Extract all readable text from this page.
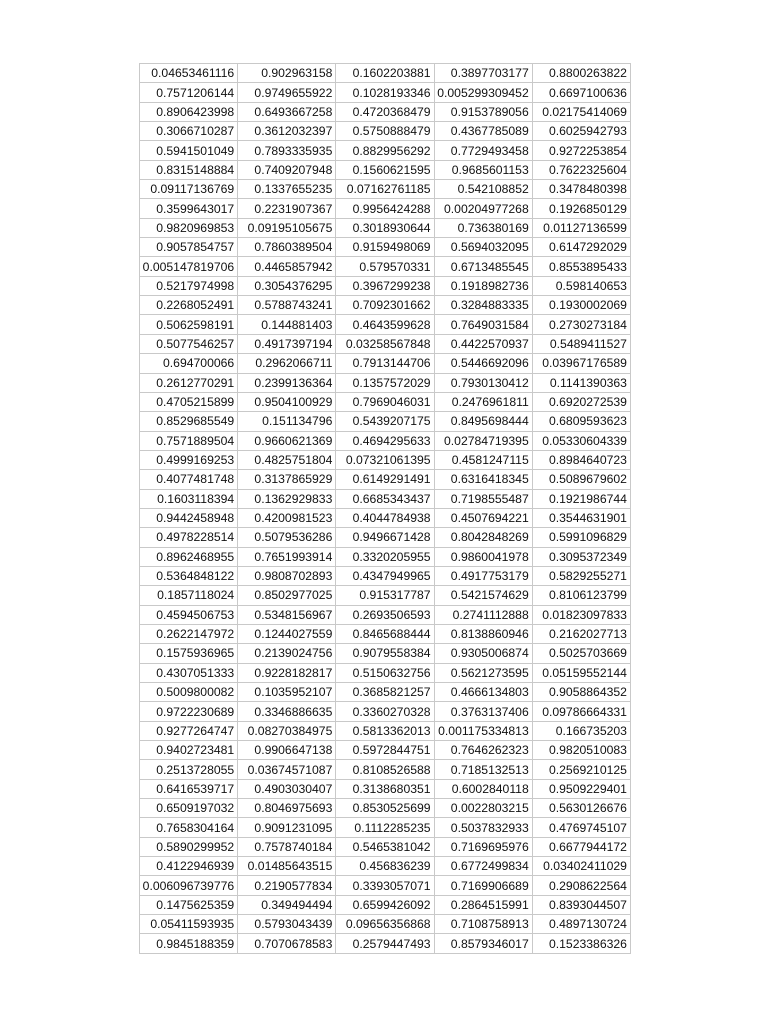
0.04653461116	0.902963158	0.1602203881	0.3897703177	0.8800263822
0.7571206144	0.9749655922	0.1028193346	0.005299309452	0.6697100636
0.8906423998	0.6493667258	0.4720368479	0.9153789056	0.02175414069
0.3066710287	0.3612032397	0.5750888479	0.4367785089	0.6025942793
0.5941501049	0.7893335935	0.8829956292	0.7729493458	0.9272253854
0.8315148884	0.7409207948	0.1560621595	0.9685601153	0.7622325604
0.09117136769	0.1337655235	0.07162761185	0.542108852	0.3478480398
0.3599643017	0.2231907367	0.9956424288	0.00204977268	0.1926850129
0.9820969853	0.09195105675	0.3018930644	0.736380169	0.01127136599
0.9057854757	0.7860389504	0.9159498069	0.5694032095	0.6147292029
0.005147819706	0.4465857942	0.579570331	0.6713485545	0.8553895433
0.5217974998	0.3054376295	0.3967299238	0.1918982736	0.598140653
0.2268052491	0.5788743241	0.7092301662	0.3284883335	0.1930002069
0.5062598191	0.144881403	0.4643599628	0.7649031584	0.2730273184
0.5077546257	0.4917397194	0.03258567848	0.4422570937	0.5489411527
0.694700066	0.2962066711	0.7913144706	0.5446692096	0.03967176589
0.2612770291	0.2399136364	0.1357572029	0.7930130412	0.1141390363
0.4705215899	0.9504100929	0.7969046031	0.2476961811	0.6920272539
0.8529685549	0.151134796	0.5439207175	0.8495698444	0.6809593623
0.7571889504	0.9660621369	0.4694295633	0.02784719395	0.05330604339
0.4999169253	0.4825751804	0.07321061395	0.4581247115	0.8984640723
0.4077481748	0.3137865929	0.6149291491	0.6316418345	0.5089679602
0.1603118394	0.1362929833	0.6685343437	0.7198555487	0.1921986744
0.9442458948	0.4200981523	0.4044784938	0.4507694221	0.3544631901
0.4978228514	0.5079536286	0.9496671428	0.8042848269	0.5991096829
0.8962468955	0.7651993914	0.3320205955	0.9860041978	0.3095372349
0.5364848122	0.9808702893	0.4347949965	0.4917753179	0.5829255271
0.1857118024	0.8502977025	0.915317787	0.5421574629	0.8106123799
0.4594506753	0.5348156967	0.2693506593	0.2741112888	0.01823097833
0.2622147972	0.1244027559	0.8465688444	0.8138860946	0.2162027713
0.1575936965	0.2139024756	0.9079558384	0.9305006874	0.5025703669
0.4307051333	0.9228182817	0.5150632756	0.5621273595	0.05159552144
0.5009800082	0.1035952107	0.3685821257	0.4666134803	0.9058864352
0.9722230689	0.3346886635	0.3360270328	0.3763137406	0.09786664331
0.9277264747	0.08270384975	0.5813362013	0.001175334813	0.166735203
0.9402723481	0.9906647138	0.5972844751	0.7646262323	0.9820510083
0.2513728055	0.03674571087	0.8108526588	0.7185132513	0.2569210125
0.6416539717	0.4903030407	0.3138680351	0.6002840118	0.9509229401
0.6509197032	0.8046975693	0.8530525699	0.0022803215	0.5630126676
0.7658304164	0.9091231095	0.1112285235	0.5037832933	0.4769745107
0.5890299952	0.7578740184	0.5465381042	0.7169695976	0.6677944172
0.4122946939	0.01485643515	0.456836239	0.6772499834	0.03402411029
0.006096739776	0.2190577834	0.3393057071	0.7169906689	0.2908622564
0.1475625359	0.349494494	0.6599426092	0.2864515991	0.8393044507
0.05411593935	0.5793043439	0.09656356868	0.7108758913	0.4897130724
0.9845188359	0.7070678583	0.2579447493	0.8579346017	0.1523386326
